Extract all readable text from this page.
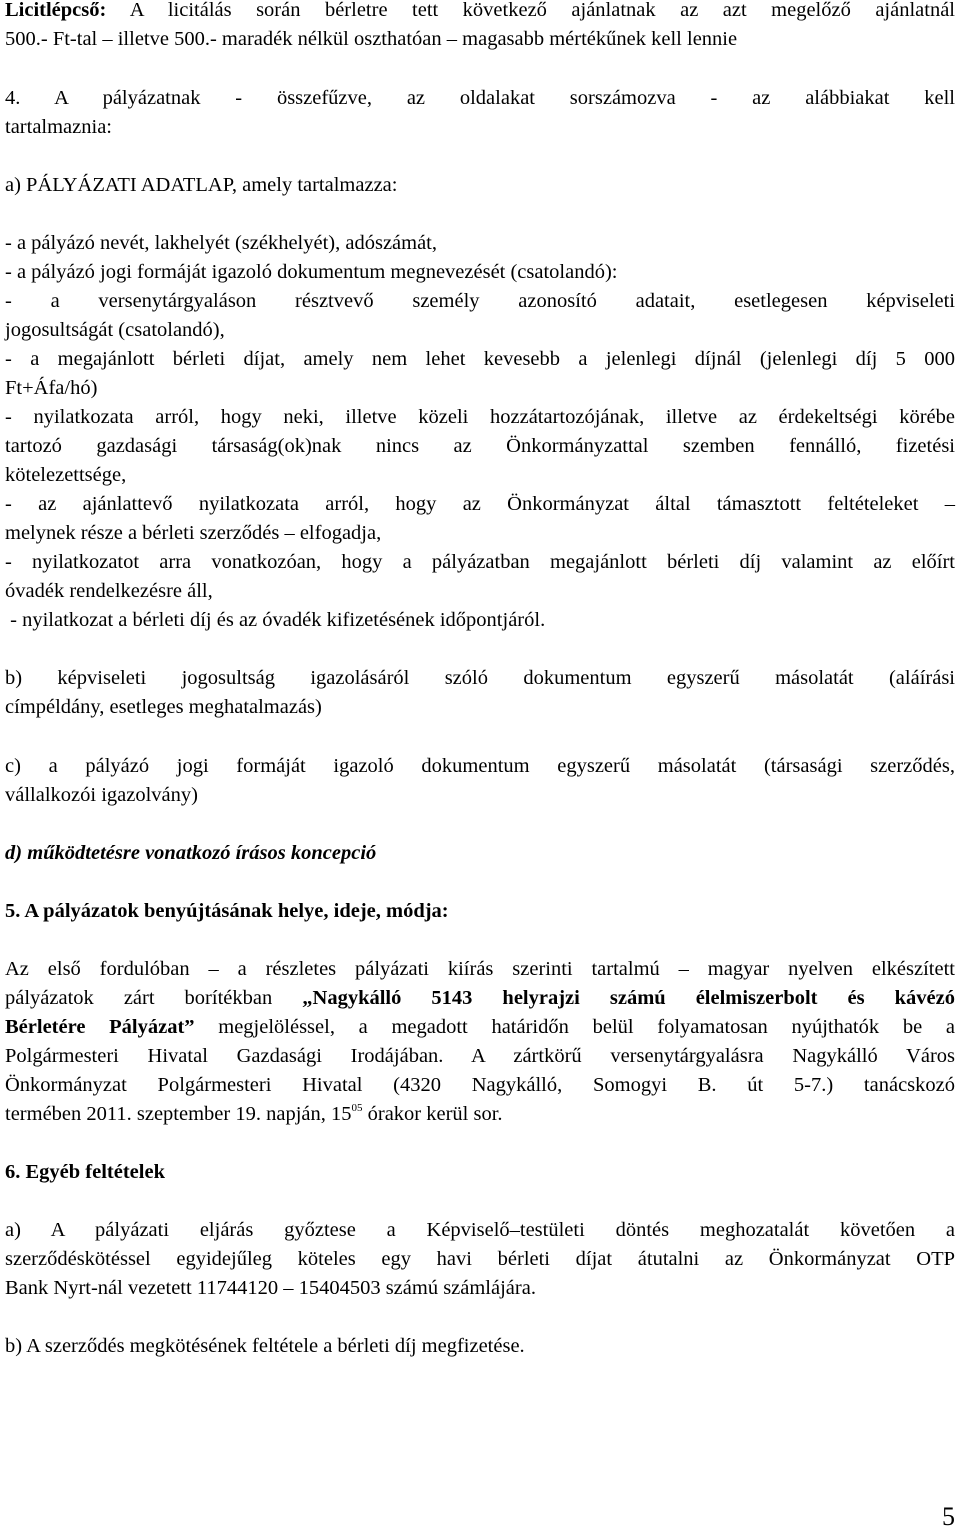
Licitlépcső: A licitálás során bérletre tett következő ajánlatnak az azt megelőző ajánlatnál
500.- Ft-tal – illetve 500.- maradék nélkül oszthatóan – magasabb mértékűnek kell lennie
4. A pályázatnak - összefűzve, az oldalakat sorszámozva - az alábbiakat kell
tartalmaznia:
a) PÁLYÁZATI ADATLAP, amely tartalmazza:
- a pályázó nevét, lakhelyét (székhelyét), adószámát,
- a pályázó jogi formáját igazoló dokumentum megnevezését (csatolandó):
- a versenytárgyaláson résztvevő személy azonosító adatait, esetlegesen képviseleti
jogosultságát (csatolandó),
- a megajánlott bérleti díjat, amely nem lehet kevesebb a jelenlegi díjnál (jelenlegi díj 5 000
Ft+Áfa/hó)
- nyilatkozata arról, hogy neki, illetve közeli hozzátartozójának, illetve az érdekeltségi körébe
tartozó gazdasági társaság(ok)nak nincs az Önkormányzattal szemben fennálló, fizetési
kötelezettsége,
- az ajánlattevő nyilatkozata arról, hogy az Önkormányzat által támasztott feltételeket –
melynek része a bérleti szerződés – elfogadja,
- nyilatkozatot arra vonatkozóan, hogy a pályázatban megajánlott bérleti díj valamint az előírt
óvadék rendelkezésre áll,
- nyilatkozat a bérleti díj és az óvadék kifizetésének időpontjáról.
b) képviseleti jogosultság igazolásáról szóló dokumentum egyszerű másolatát (aláírási
címpéldány, esetleges meghatalmazás)
c) a pályázó jogi formáját igazoló dokumentum egyszerű másolatát (társasági szerződés,
vállalkozói igazolvány)
d) működtetésre vonatkozó írásos koncepció
5. A pályázatok benyújtásának helye, ideje, módja:
Az első fordulóban – a részletes pályázati kiírás szerinti tartalmú – magyar nyelven elkészített
pályázatok zárt borítékban „Nagykálló 5143 helyrajzi számú élelmiszerbolt és kávézó
Bérletére Pályázat” megjelöléssel, a megadott határidőn belül folyamatosan nyújthatók be a
Polgármesteri Hivatal Gazdasági Irodájában. A zártkörű versenytárgyalásra Nagykálló Város
Önkormányzat Polgármesteri Hivatal (4320 Nagykálló, Somogyi B. út 5-7.) tanácskozó
termében 2011. szeptember 19. napján, $15^{05}$ órakor kerül sor.
6. Egyéb feltételek
a) A pályázati eljárás győztese a Képviselő–testületi döntés meghozatalát követően a
szerződéskötéssel egyidejűleg köteles egy havi bérleti díjat átutalni az Önkormányzat OTP
Bank Nyrt-nál vezetett 11744120 – 15404503 számú számlájára.
b) A szerződés megkötésének feltétele a bérleti díj megfizetése.
5
